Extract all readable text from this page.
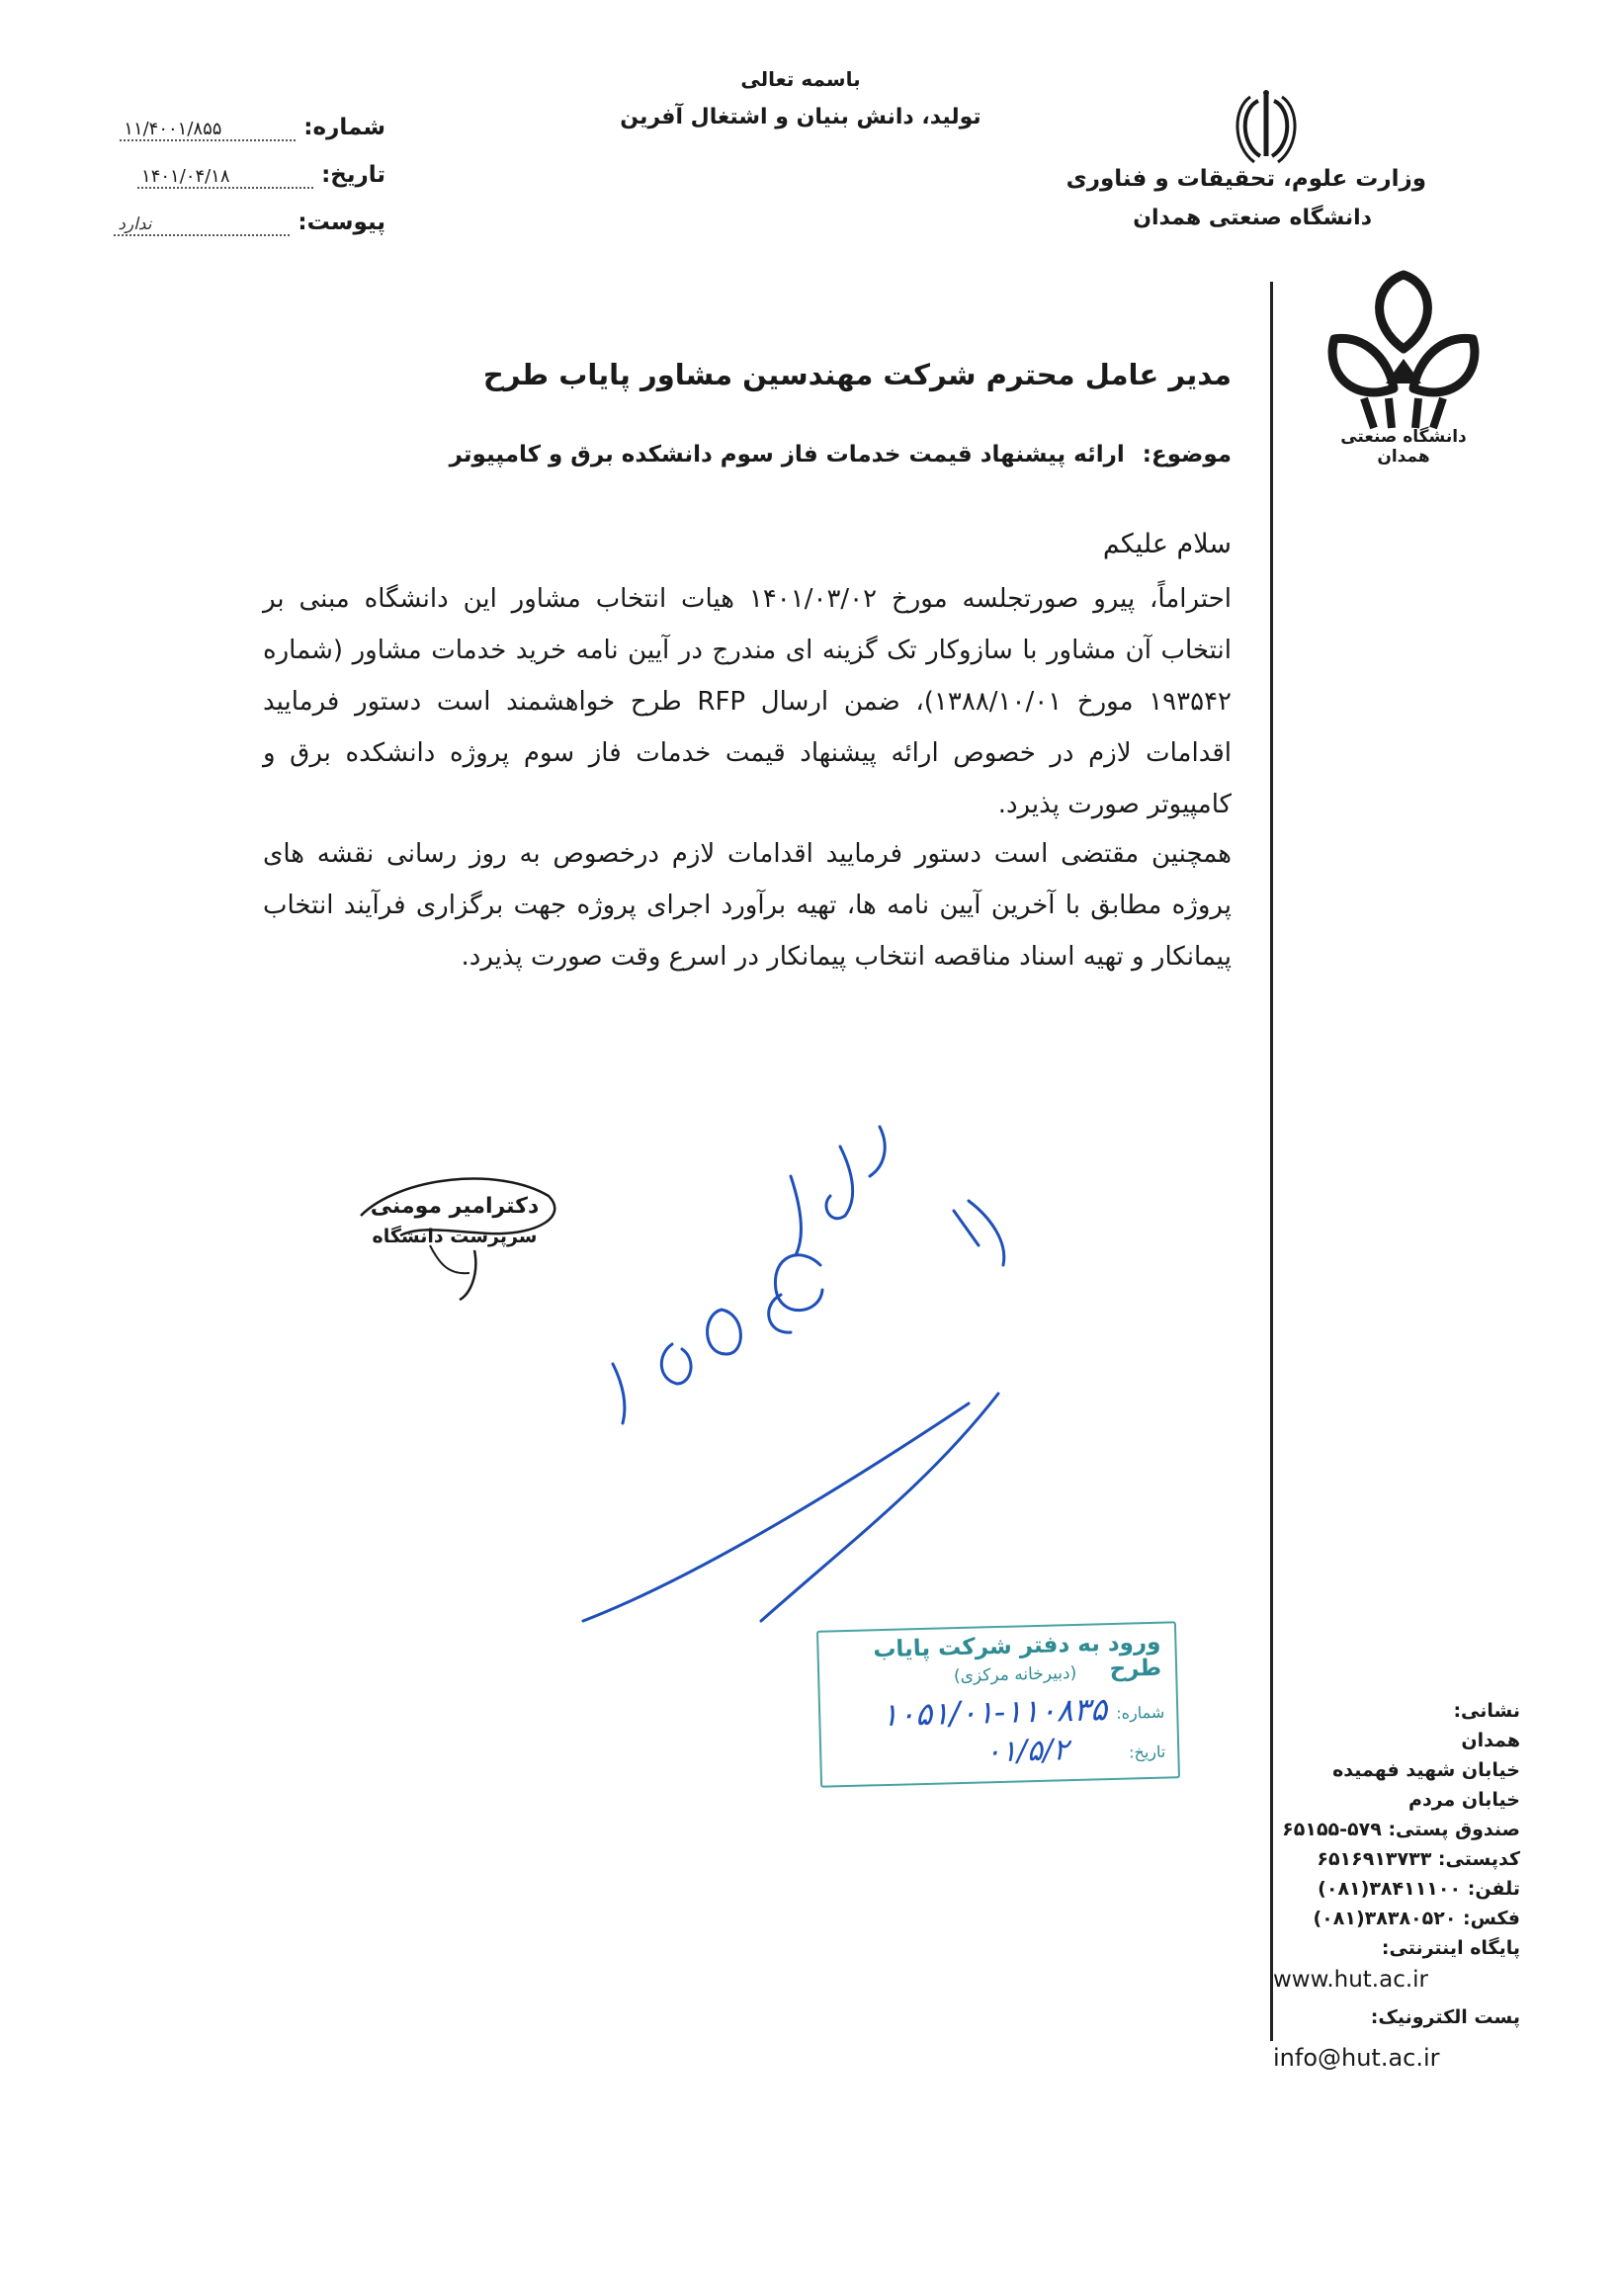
باسمه تعالی
تولید، دانش بنیان و اشتغال آفرین
وزارت علوم، تحقیقات و فناوری
دانشگاه صنعتی همدان
شماره: ۱۱/۴۰۰۱/۸۵۵
تاریخ: ۱۴۰۱/۰۴/۱۸
پیوست: ندارد
دانشگاه صنعتی همدان
مدیر عامل محترم شرکت مهندسین مشاور پایاب طرح
موضوع: ارائه پیشنهاد قیمت خدمات فاز سوم دانشکده برق و کامپیوتر
سلام علیکم
احتراماً، پیرو صورتجلسه مورخ ۱۴۰۱/۰۳/۰۲ هیات انتخاب مشاور این دانشگاه مبنی بر انتخاب آن مشاور با سازوکار تک گزینه ای مندرج در آیین نامه خرید خدمات مشاور (شماره ۱۹۳۵۴۲ مورخ ۱۳۸۸/۱۰/۰۱)، ضمن ارسال RFP طرح خواهشمند است دستور فرمایید اقدامات لازم در خصوص ارائه پیشنهاد قیمت خدمات فاز سوم پروژه دانشکده برق و کامپیوتر صورت پذیرد.
همچنین مقتضی است دستور فرمایید اقدامات لازم درخصوص به روز رسانی نقشه های پروژه مطابق با آخرین آیین نامه ها، تهیه برآورد اجرای پروژه جهت برگزاری فرآیند انتخاب پیمانکار و تهیه اسناد مناقصه انتخاب پیمانکار در اسرع وقت صورت پذیرد.
دکترامیر مومنی
سرپرست دانشگاه
ورود به دفتر شرکت پایاب طرح
(دبیرخانه مرکزی)
شماره:
۱۰۵۱/۰۱-۱۱۰۸۳۵
تاریخ:
۰۱/۵/۲
نشانی:
همدان
خیابان شهید فهمیده
خیابان مردم
صندوق پستی: ۵۷۹-۶۵۱۵۵
کدپستی: ۶۵۱۶۹۱۳۷۳۳
تلفن: ۳۸۴۱۱۱۰۰(۰۸۱)
فکس: ۳۸۳۸۰۵۲۰(۰۸۱)
پایگاه اینترنتی:
www.hut.ac.ir
پست الکترونیک:
info@hut.ac.ir
